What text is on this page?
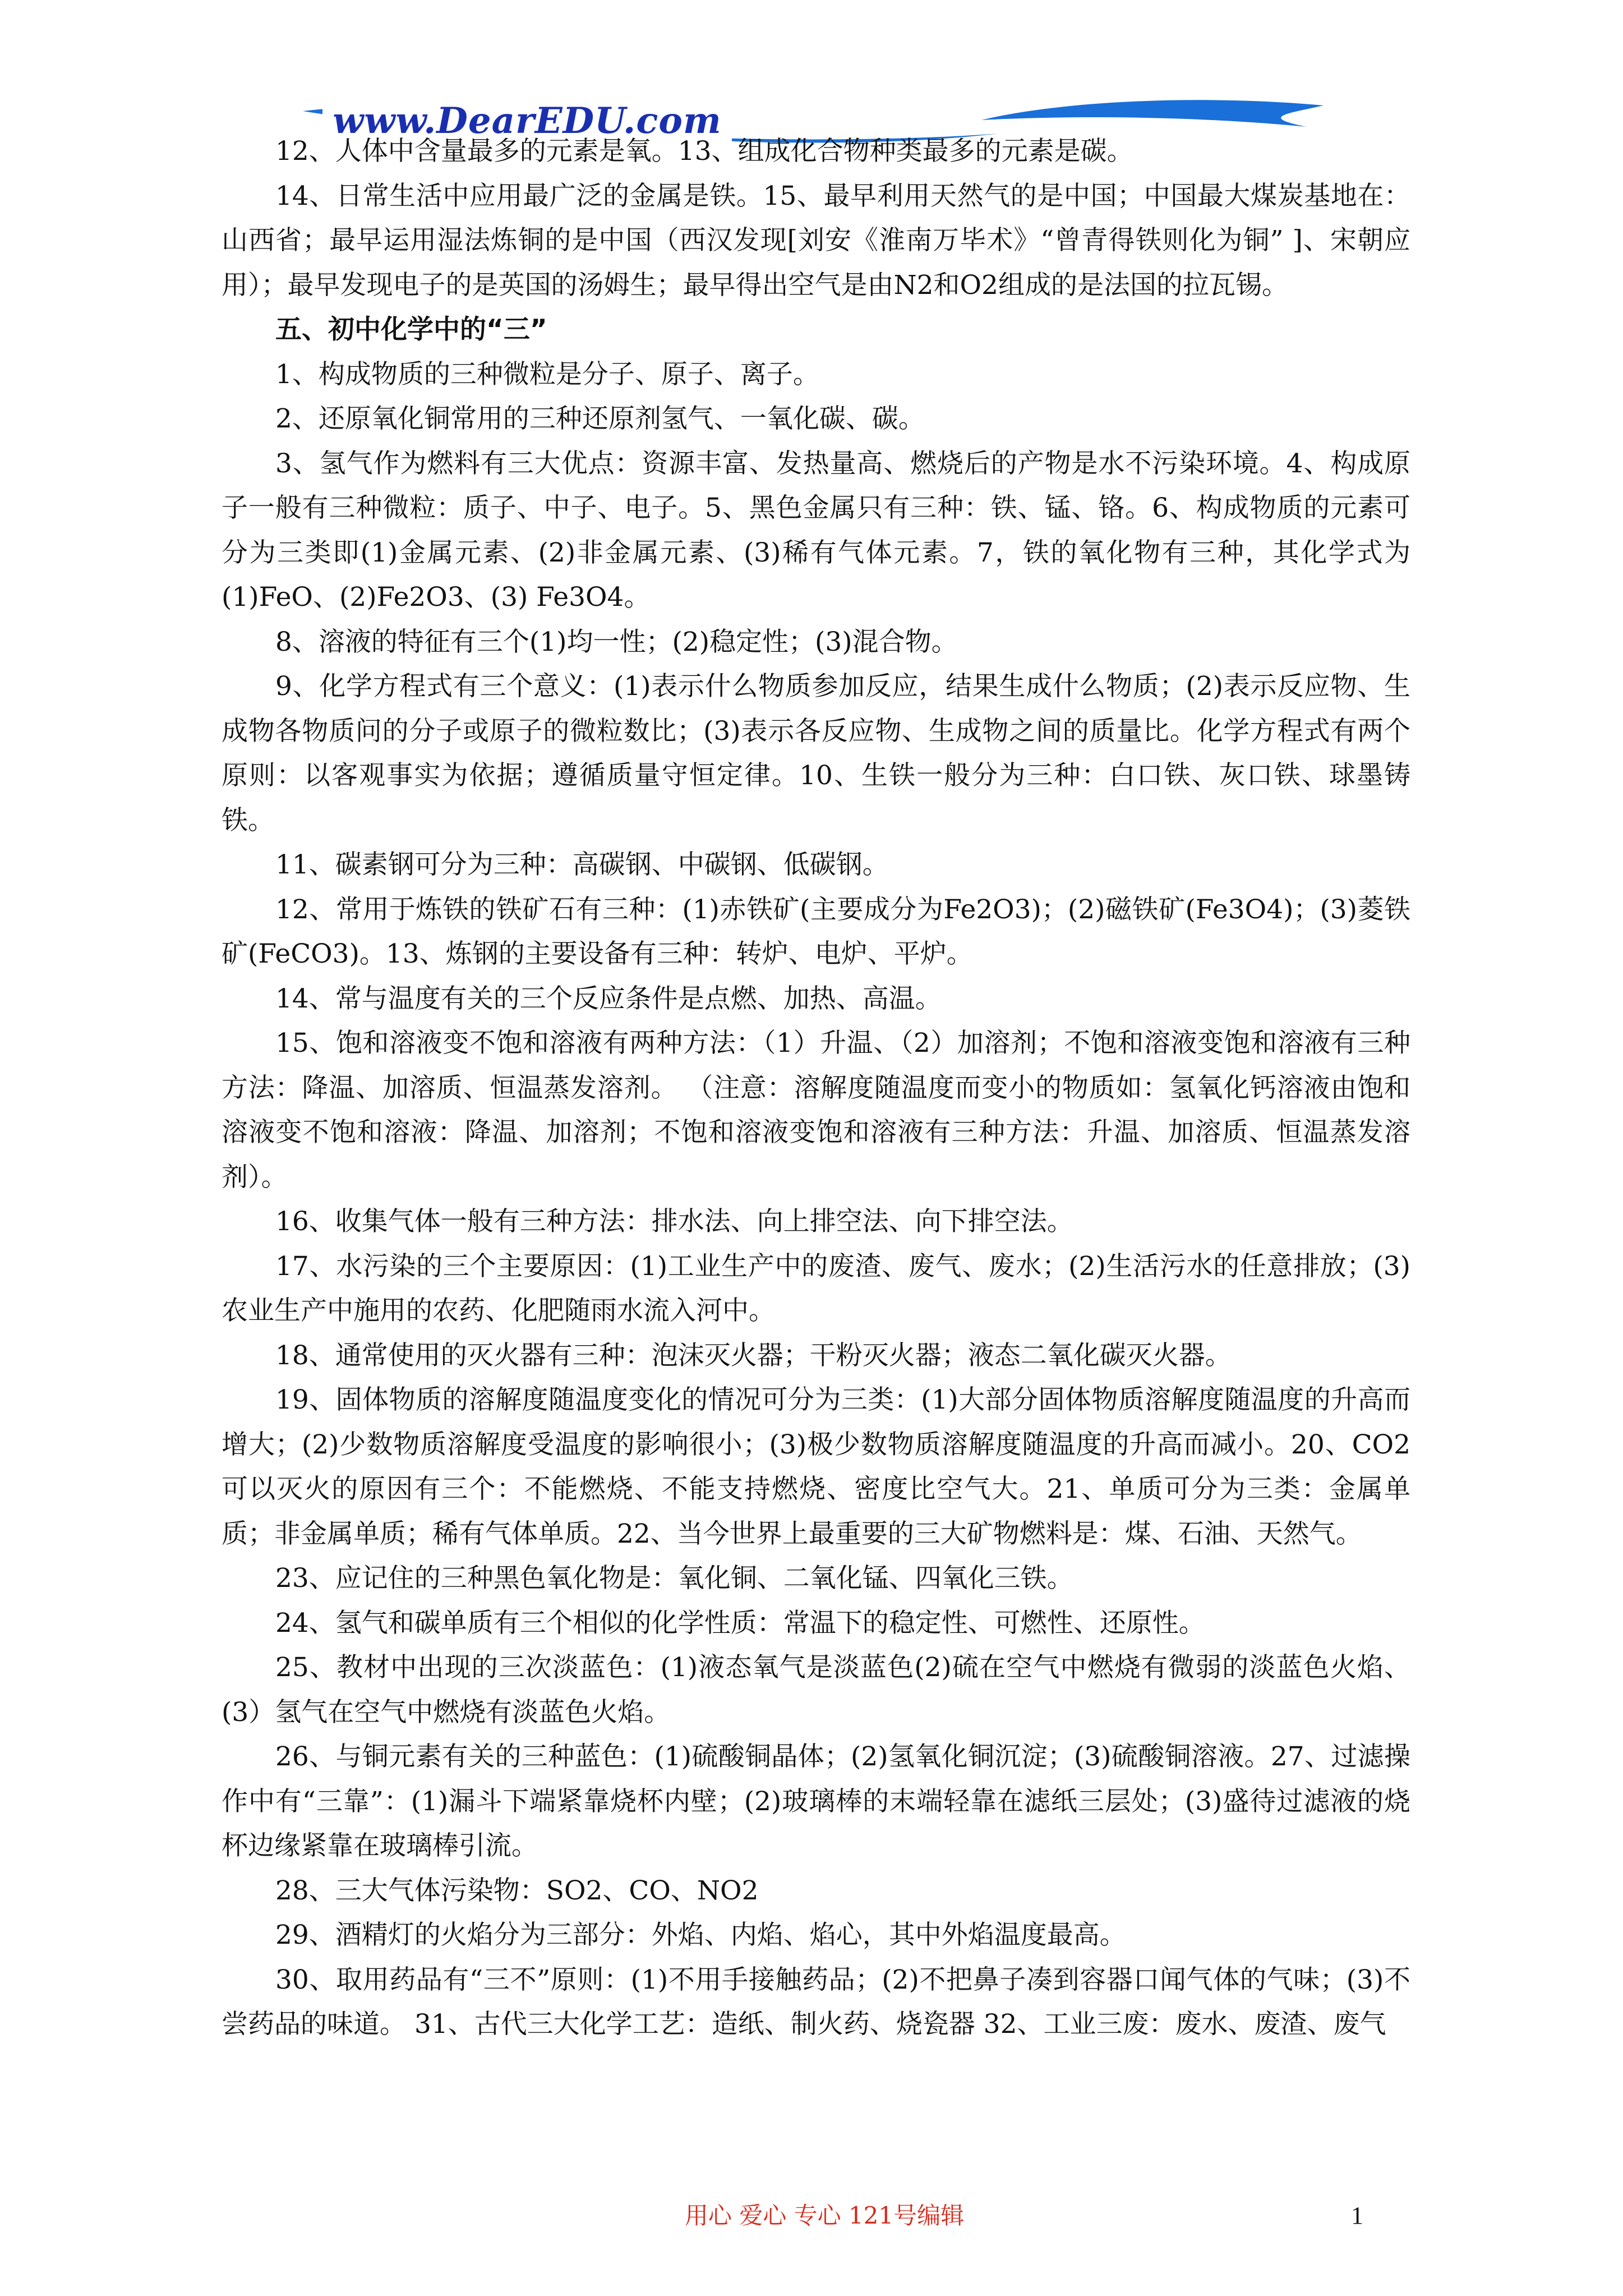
www.DearEDU.com

12、人体中含量最多的元素是氧。13、组成化合物种类最多的元素是碳。

14、日常生活中应用最广泛的金属是铁。15、最早利用天然气的是中国；中国最大煤炭基地在：山西省；最早运用湿法炼铜的是中国（西汉发现[刘安《淮南万毕术》“曾青得铁则化为铜” ]、宋朝应用）；最早发现电子的是英国的汤姆生；最早得出空气是由N2和O2组成的是法国的拉瓦锡。

五、初中化学中的“三”

1、构成物质的三种微粒是分子、原子、离子。

2、还原氧化铜常用的三种还原剂氢气、一氧化碳、碳。

3、氢气作为燃料有三大优点：资源丰富、发热量高、燃烧后的产物是水不污染环境。4、构成原子一般有三种微粒：质子、中子、电子。5、黑色金属只有三种：铁、锰、铬。6、构成物质的元素可分为三类即(1)金属元素、(2)非金属元素、(3)稀有气体元素。7，铁的氧化物有三种，其化学式为(1)FeO、(2)Fe2O3、(3) Fe3O4。

8、溶液的特征有三个(1)均一性；(2)稳定性；(3)混合物。

9、化学方程式有三个意义：(1)表示什么物质参加反应，结果生成什么物质；(2)表示反应物、生成物各物质问的分子或原子的微粒数比；(3)表示各反应物、生成物之间的质量比。化学方程式有两个原则：以客观事实为依据；遵循质量守恒定律。10、生铁一般分为三种：白口铁、灰口铁、球墨铸铁。

11、碳素钢可分为三种：高碳钢、中碳钢、低碳钢。

12、常用于炼铁的铁矿石有三种：(1)赤铁矿(主要成分为Fe2O3)；(2)磁铁矿(Fe3O4)；(3)菱铁矿(FeCO3)。13、炼钢的主要设备有三种：转炉、电炉、平炉。

14、常与温度有关的三个反应条件是点燃、加热、高温。

15、饱和溶液变不饱和溶液有两种方法：（1）升温、（2）加溶剂；不饱和溶液变饱和溶液有三种方法：降温、加溶质、恒温蒸发溶剂。 （注意：溶解度随温度而变小的物质如：氢氧化钙溶液由饱和溶液变不饱和溶液：降温、加溶剂；不饱和溶液变饱和溶液有三种方法：升温、加溶质、恒温蒸发溶剂）。

16、收集气体一般有三种方法：排水法、向上排空法、向下排空法。

17、水污染的三个主要原因：(1)工业生产中的废渣、废气、废水；(2)生活污水的任意排放；(3)农业生产中施用的农药、化肥随雨水流入河中。

18、通常使用的灭火器有三种：泡沫灭火器；干粉灭火器；液态二氧化碳灭火器。

19、固体物质的溶解度随温度变化的情况可分为三类：(1)大部分固体物质溶解度随温度的升高而增大；(2)少数物质溶解度受温度的影响很小；(3)极少数物质溶解度随温度的升高而减小。20、CO2可以灭火的原因有三个：不能燃烧、不能支持燃烧、密度比空气大。21、单质可分为三类：金属单质；非金属单质；稀有气体单质。22、当今世界上最重要的三大矿物燃料是：煤、石油、天然气。

23、应记住的三种黑色氧化物是：氧化铜、二氧化锰、四氧化三铁。

24、氢气和碳单质有三个相似的化学性质：常温下的稳定性、可燃性、还原性。

25、教材中出现的三次淡蓝色：(1)液态氧气是淡蓝色(2)硫在空气中燃烧有微弱的淡蓝色火焰、(3）氢气在空气中燃烧有淡蓝色火焰。

26、与铜元素有关的三种蓝色：(1)硫酸铜晶体；(2)氢氧化铜沉淀；(3)硫酸铜溶液。27、过滤操作中有“三靠”：(1)漏斗下端紧靠烧杯内壁；(2)玻璃棒的末端轻靠在滤纸三层处；(3)盛待过滤液的烧杯边缘紧靠在玻璃棒引流。

28、三大气体污染物：SO2、CO、NO2

29、酒精灯的火焰分为三部分：外焰、内焰、焰心，其中外焰温度最高。

30、取用药品有“三不”原则：(1)不用手接触药品；(2)不把鼻子凑到容器口闻气体的气味；(3)不尝药品的味道。 31、古代三大化学工艺：造纸、制火药、烧瓷器 32、工业三废：废水、废渣、废气

用心 爱心 专心 121号编辑	1
